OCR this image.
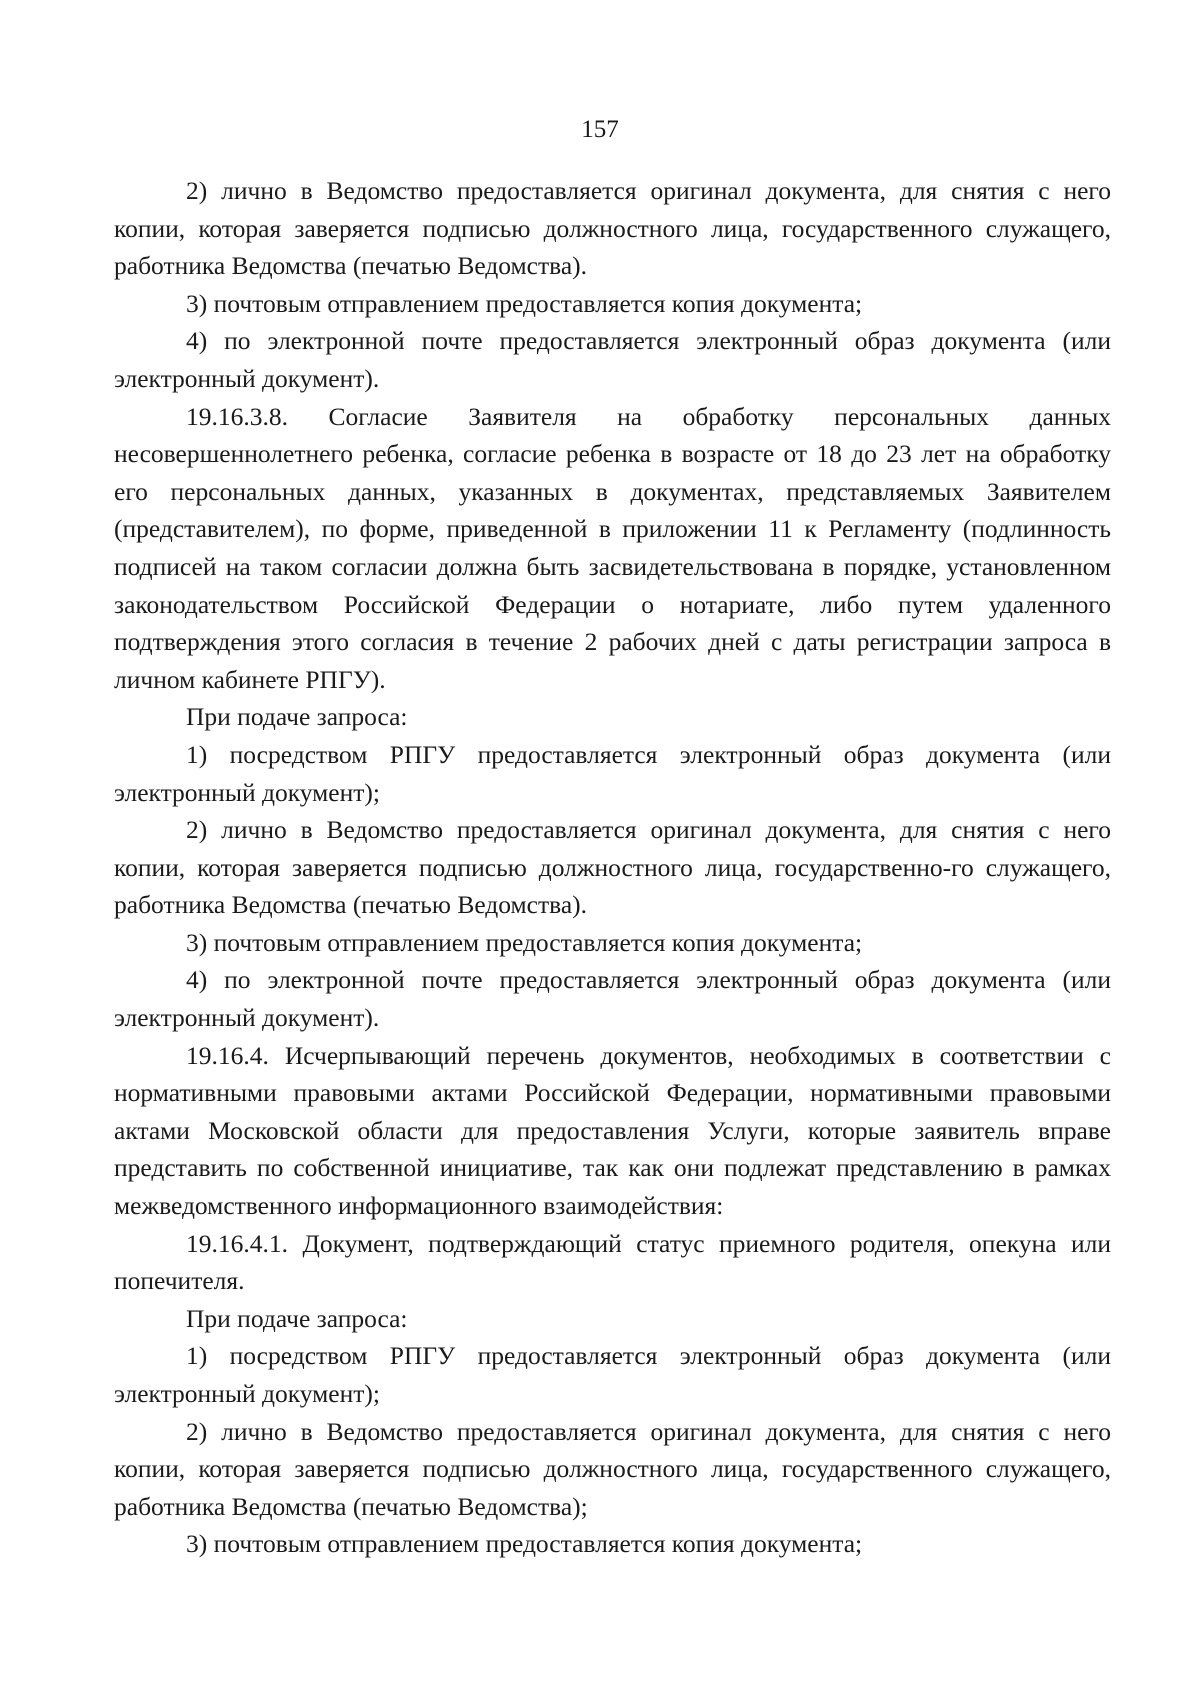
157

2) лично в Ведомство предоставляется оригинал документа, для снятия с него копии, которая заверяется подписью должностного лица, государственного служащего, работника Ведомства (печатью Ведомства).

3) почтовым отправлением предоставляется копия документа;

4) по электронной почте предоставляется электронный образ документа (или электронный документ).

19.16.3.8. Согласие Заявителя на обработку персональных данных несовершеннолетнего ребенка, согласие ребенка в возрасте от 18 до 23 лет на обработку его персональных данных, указанных в документах, представляемых Заявителем (представителем), по форме, приведенной в приложении 11 к Регламенту (подлинность подписей на таком согласии должна быть засвидетельствована в порядке, установленном законодательством Российской Федерации о нотариате, либо путем удаленного подтверждения этого согласия в течение 2 рабочих дней с даты регистрации запроса в личном кабинете РПГУ).

При подаче запроса:

1) посредством РПГУ предоставляется электронный образ документа (или электронный документ);

2) лично в Ведомство предоставляется оригинал документа, для снятия с него копии, которая заверяется подписью должностного лица, государственно-го служащего, работника Ведомства (печатью Ведомства).

3) почтовым отправлением предоставляется копия документа;

4) по электронной почте предоставляется электронный образ документа (или электронный документ).

19.16.4. Исчерпывающий перечень документов, необходимых в соответствии с нормативными правовыми актами Российской Федерации, нормативными правовыми актами Московской области для предоставления Услуги, которые заявитель вправе представить по собственной инициативе, так как они подлежат представлению в рамках межведомственного информационного взаимодействия:

19.16.4.1. Документ, подтверждающий статус приемного родителя, опекуна или попечителя.

При подаче запроса:

1) посредством РПГУ предоставляется электронный образ документа (или электронный документ);

2) лично в Ведомство предоставляется оригинал документа, для снятия с него копии, которая заверяется подписью должностного лица, государственного служащего, работника Ведомства (печатью Ведомства);

3) почтовым отправлением предоставляется копия документа;
